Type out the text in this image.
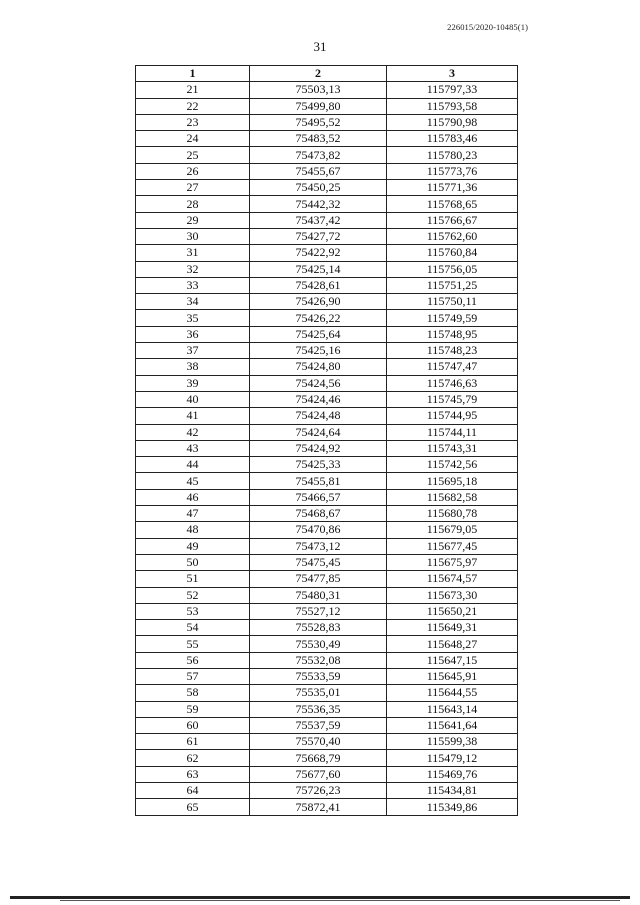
226015/2020-10485(1)
31
1	2	3
21	75503,13	115797,33
22	75499,80	115793,58
23	75495,52	115790,98
24	75483,52	115783,46
25	75473,82	115780,23
26	75455,67	115773,76
27	75450,25	115771,36
28	75442,32	115768,65
29	75437,42	115766,67
30	75427,72	115762,60
31	75422,92	115760,84
32	75425,14	115756,05
33	75428,61	115751,25
34	75426,90	115750,11
35	75426,22	115749,59
36	75425,64	115748,95
37	75425,16	115748,23
38	75424,80	115747,47
39	75424,56	115746,63
40	75424,46	115745,79
41	75424,48	115744,95
42	75424,64	115744,11
43	75424,92	115743,31
44	75425,33	115742,56
45	75455,81	115695,18
46	75466,57	115682,58
47	75468,67	115680,78
48	75470,86	115679,05
49	75473,12	115677,45
50	75475,45	115675,97
51	75477,85	115674,57
52	75480,31	115673,30
53	75527,12	115650,21
54	75528,83	115649,31
55	75530,49	115648,27
56	75532,08	115647,15
57	75533,59	115645,91
58	75535,01	115644,55
59	75536,35	115643,14
60	75537,59	115641,64
61	75570,40	115599,38
62	75668,79	115479,12
63	75677,60	115469,76
64	75726,23	115434,81
65	75872,41	115349,86
